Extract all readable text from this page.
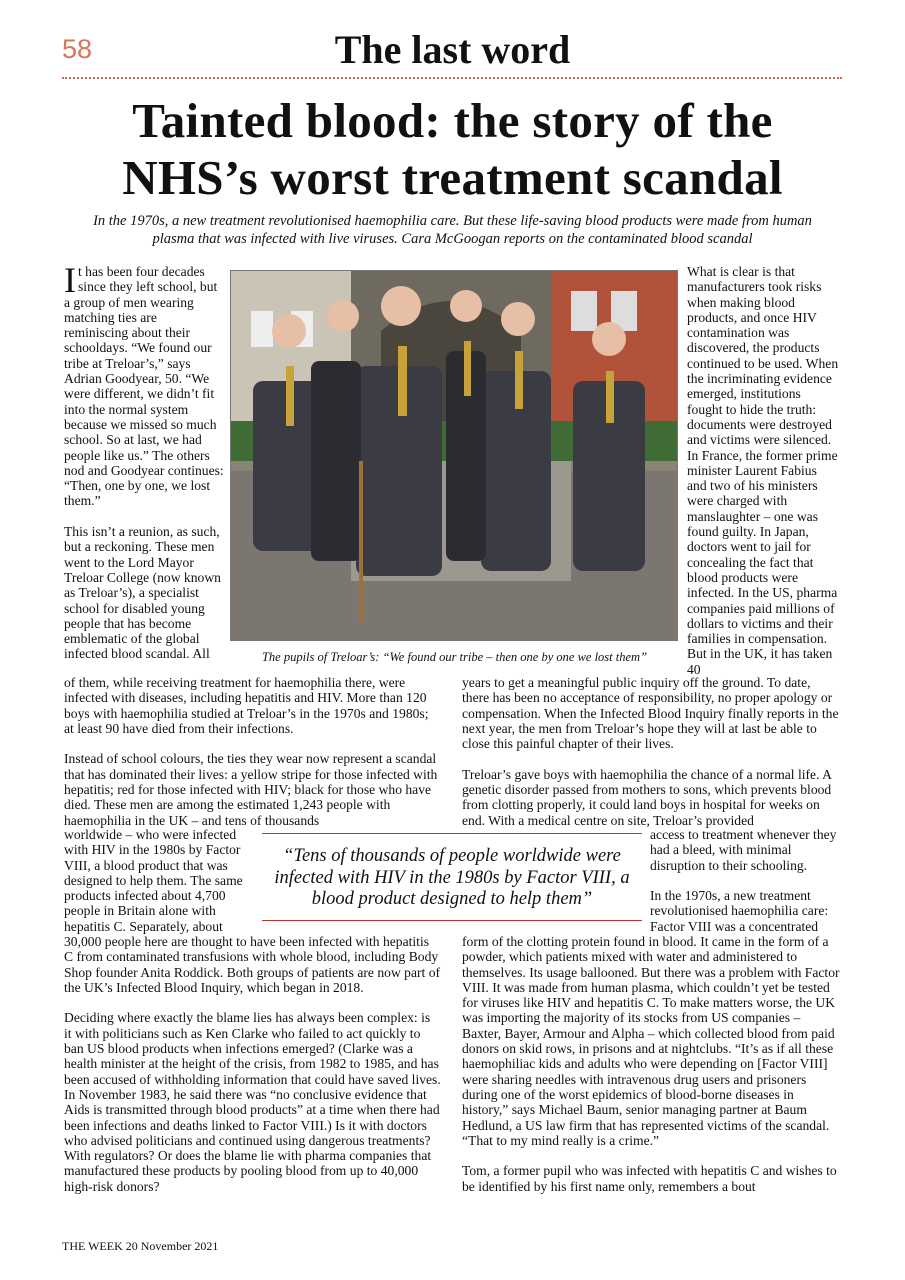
58	The last word
Tainted blood: the story of the
NHS’s worst treatment scandal
In the 1970s, a new treatment revolutionised haemophilia care. But these life-saving blood products were made from human
plasma that was infected with live viruses. Cara McGoogan reports on the contaminated blood scandal

It has been four decades since they left school, but a group of men wearing matching ties are reminiscing about their schooldays. “We found our tribe at Treloar’s,” says Adrian Goodyear, 50. “We were different, we didn’t fit into the normal system because we missed so much school. So at last, we had people like us.” The others nod and Goodyear continues: “Then, one by one, we lost them.”

This isn’t a reunion, as such, but a reckoning. These men went to the Lord Mayor Treloar College (now known as Treloar’s), a specialist school for disabled young people that has become emblematic of the global infected blood scandal. All	The pupils of Treloar’s: “We found our tribe – then one by one we lost them”

What is clear is that manufacturers took risks when making blood products, and once HIV contamination was discovered, the products continued to be used. When the incriminating evidence emerged, institutions fought to hide the truth: documents were destroyed and victims were silenced. In France, the former prime minister Laurent Fabius and two of his ministers were charged with manslaughter – one was found guilty. In Japan, doctors went to jail for concealing the fact that blood products were infected. In the US, pharma companies paid millions of dollars to victims and their families in compensation. But in the UK, it has taken 40

of them, while receiving treatment for haemophilia there, were infected with diseases, including hepatitis and HIV. More than 120 boys with haemophilia studied at Treloar’s in the 1970s and 1980s; at least 90 have died from their infections.

Instead of school colours, the ties they wear now represent a scandal that has dominated their lives: a yellow stripe for those infected with hepatitis; red for those infected with HIV; black for those who have died. These men are among the estimated 1,243 people with haemophilia in the UK – and tens of thousands

worldwide – who were infected with HIV in the 1980s by Factor VIII, a blood product that was designed to help them. The same products infected about 4,700 people in Britain alone with hepatitis C. Separately, about

30,000 people here are thought to have been infected with hepatitis C from contaminated transfusions with whole blood, including Body Shop founder Anita Roddick. Both groups of patients are now part of the UK’s Infected Blood Inquiry, which began in 2018.

Deciding where exactly the blame lies has always been complex: is it with politicians such as Ken Clarke who failed to act quickly to ban US blood products when infections emerged? (Clarke was a health minister at the height of the crisis, from 1982 to 1985, and has been accused of withholding information that could have saved lives. In November 1983, he said there was “no conclusive evidence that Aids is transmitted through blood products” at a time when there had been infections and deaths linked to Factor VIII.) Is it with doctors who advised politicians and continued using dangerous treatments? With regulators? Or does the blame lie with pharma companies that manufactured these products by pooling blood from up to 40,000 high-risk donors?

years to get a meaningful public inquiry off the ground. To date, there has been no acceptance of responsibility, no proper apology or compensation. When the Infected Blood Inquiry finally reports in the next year, the men from Treloar’s hope they will at last be able to close this painful chapter of their lives.

Treloar’s gave boys with haemophilia the chance of a normal life. A genetic disorder passed from mothers to sons, which prevents blood from clotting properly, it could land boys in hospital for weeks on end. With a medical centre on site, Treloar’s provided

access to treatment whenever they had a bleed, with minimal disruption to their schooling.

In the 1970s, a new treatment revolutionised haemophilia care: Factor VIII was a concentrated

form of the clotting protein found in blood. It came in the form of a powder, which patients mixed with water and administered to themselves. Its usage ballooned. But there was a problem with Factor VIII. It was made from human plasma, which couldn’t yet be tested for viruses like HIV and hepatitis C. To make matters worse, the UK was importing the majority of its stocks from US companies – Baxter, Bayer, Armour and Alpha – which collected blood from paid donors on skid rows, in prisons and at nightclubs. “It’s as if all these haemophiliac kids and adults who were depending on [Factor VIII] were sharing needles with intravenous drug users and prisoners during one of the worst epidemics of blood-borne diseases in history,” says Michael Baum, senior managing partner at Baum Hedlund, a US law firm that has represented victims of the scandal. “That to my mind really is a crime.”

Tom, a former pupil who was infected with hepatitis C and wishes to be identified by his first name only, remembers a bout

“Tens of thousands of people worldwide were infected with HIV in the 1980s by Factor VIII, a blood product designed to help them”
THE WEEK 20 November 2021
